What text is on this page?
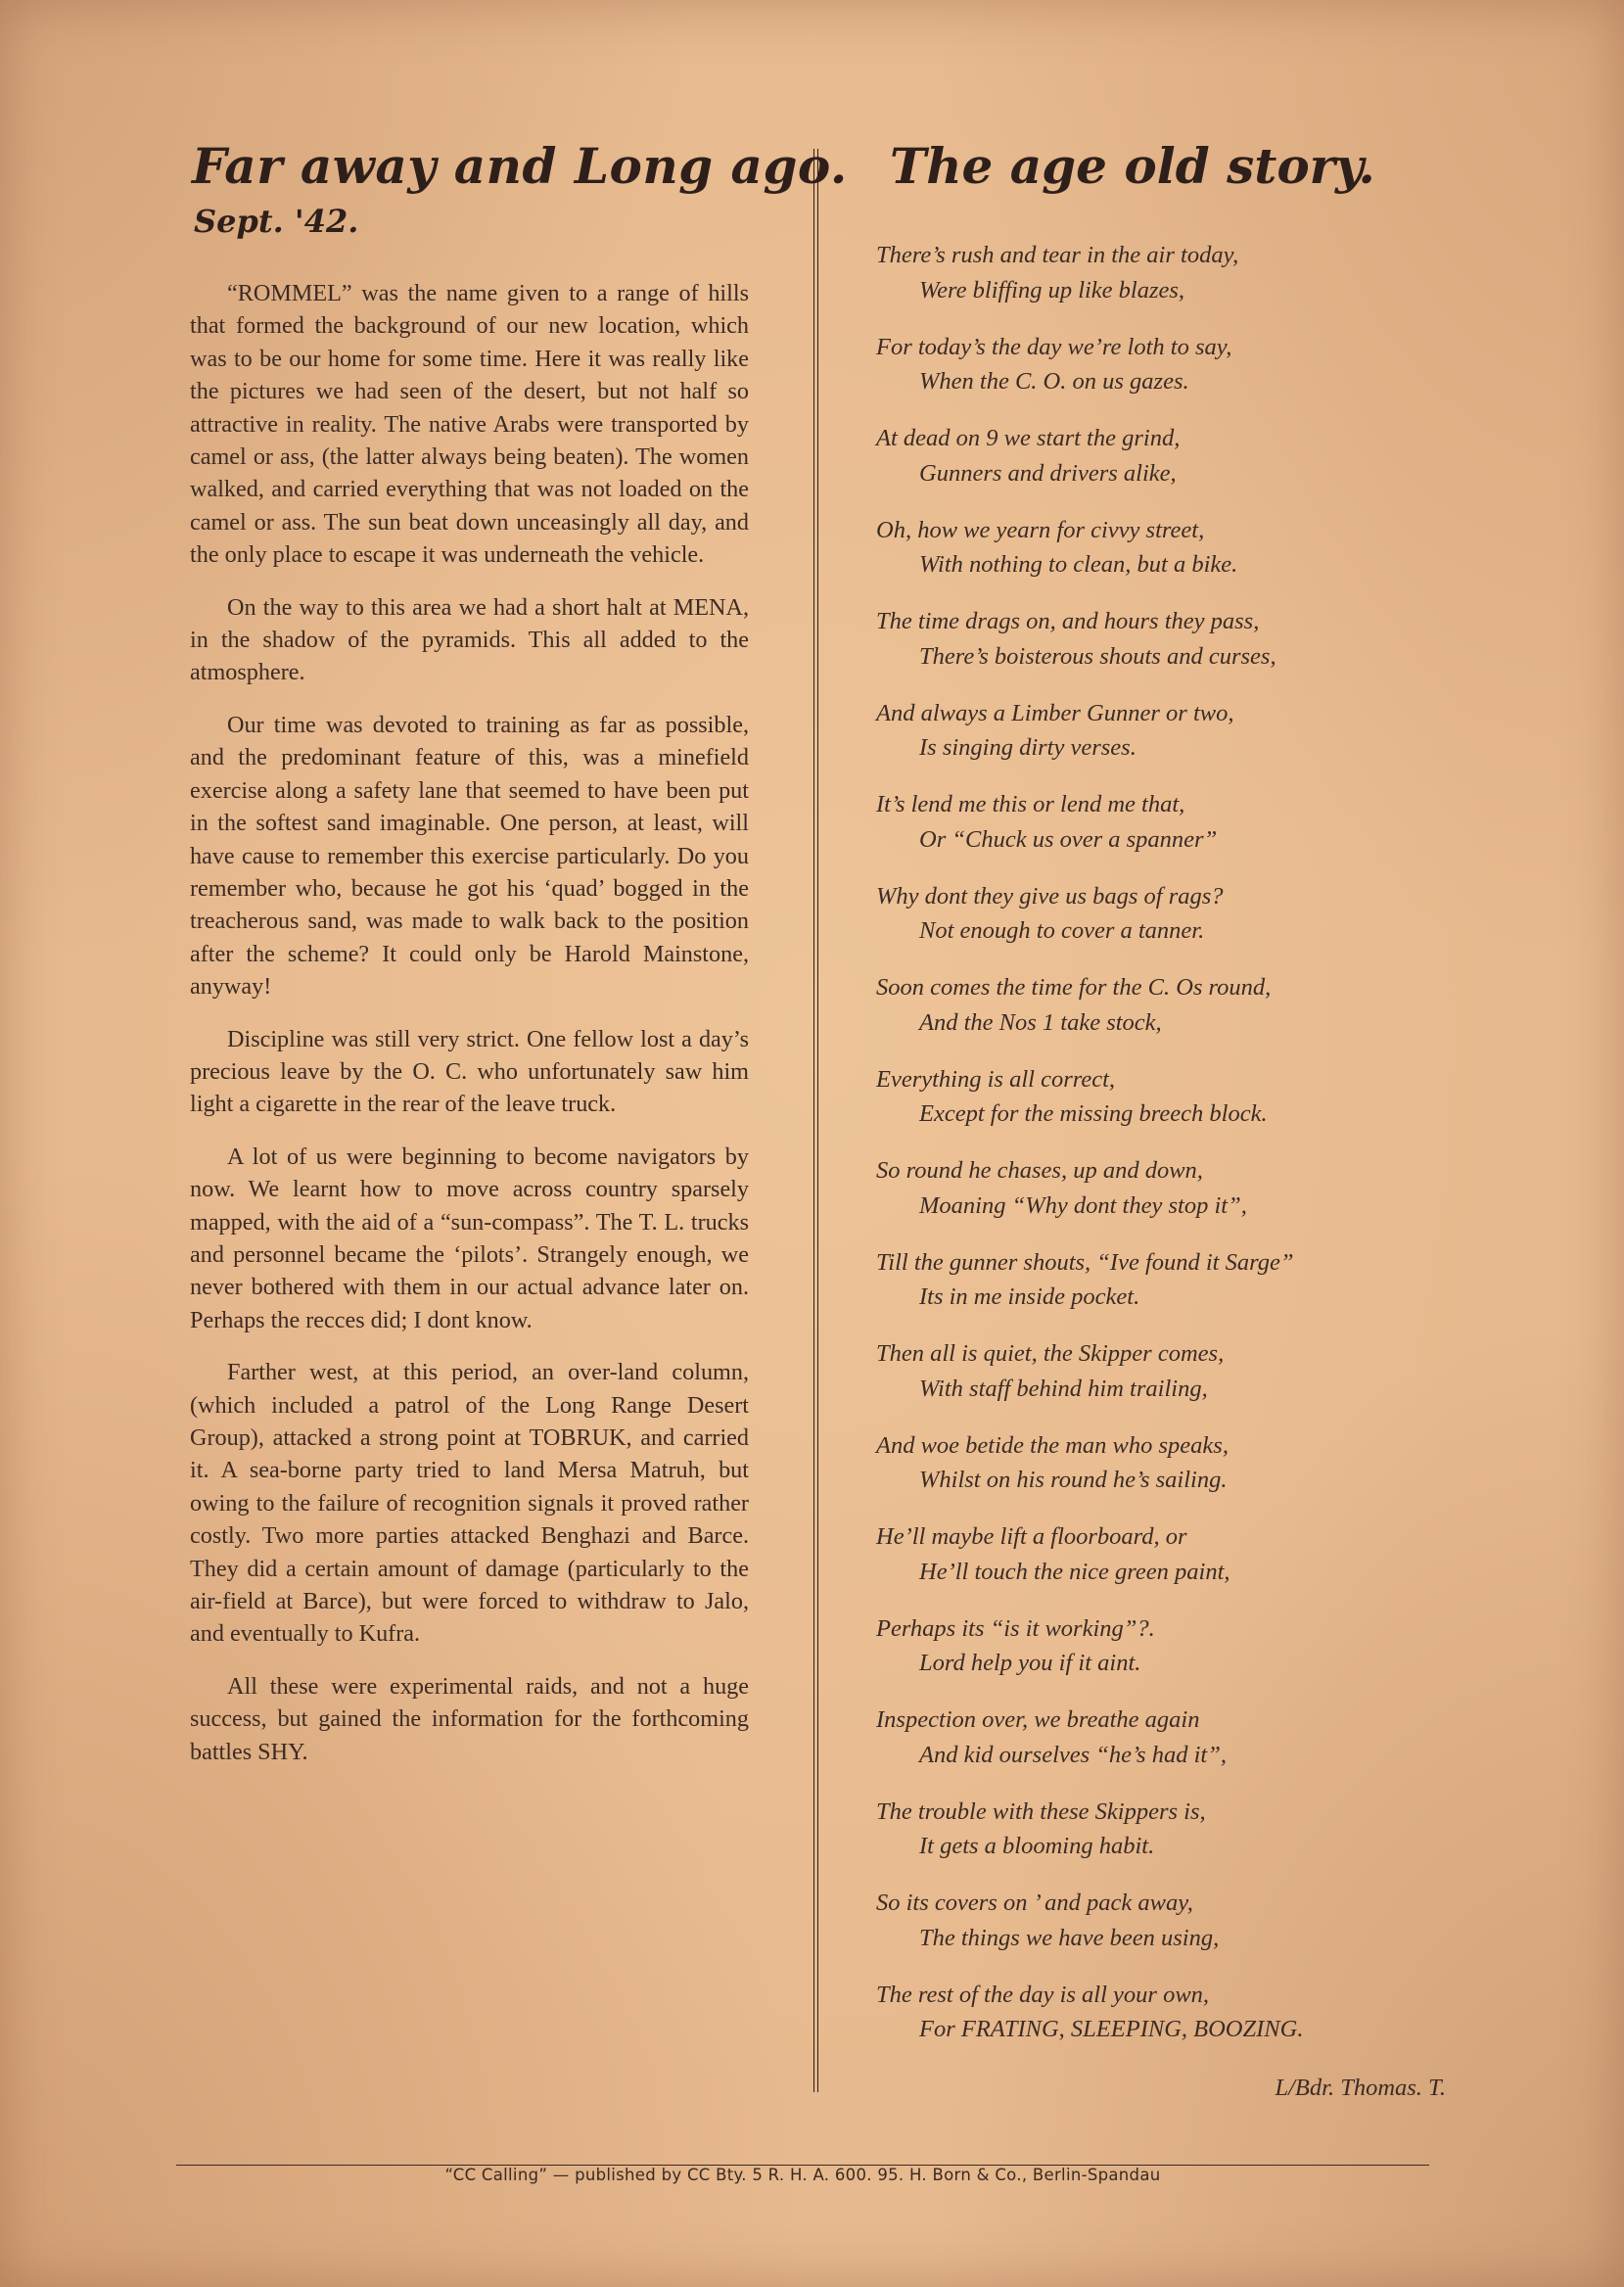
Far away and Long ago.
Sept. '42.

“ROMMEL” was the name given to a range of hills that formed the background of our new location, which was to be our home for some time. Here it was really like the pictures we had seen of the desert, but not half so attractive in reality. The native Arabs were transported by camel or ass, (the latter always being beaten). The women walked, and carried everything that was not loaded on the camel or ass. The sun beat down unceasingly all day, and the only place to escape it was underneath the vehicle.

On the way to this area we had a short halt at MENA, in the shadow of the pyramids. This all added to the atmosphere.

Our time was devoted to training as far as possible, and the predominant feature of this, was a minefield exercise along a safety lane that seemed to have been put in the softest sand imaginable. One person, at least, will have cause to remember this exercise particularly. Do you remember who, because he got his ‘quad’ bogged in the treacherous sand, was made to walk back to the position after the scheme? It could only be Harold Mainstone, anyway!

Discipline was still very strict. One fellow lost a day’s precious leave by the O. C. who unfortunately saw him light a cigarette in the rear of the leave truck.

A lot of us were beginning to become navigators by now. We learnt how to move across country sparsely mapped, with the aid of a “sun-compass”. The T. L. trucks and personnel became the ‘pilots’. Strangely enough, we never bothered with them in our actual advance later on. Perhaps the recces did; I dont know.

Farther west, at this period, an over-land column, (which included a patrol of the Long Range Desert Group), attacked a strong point at TOBRUK, and carried it. A sea-borne party tried to land Mersa Matruh, but owing to the failure of recognition signals it proved rather costly. Two more parties attacked Benghazi and Barce. They did a certain amount of damage (particularly to the air-field at Barce), but were forced to withdraw to Jalo, and eventually to Kufra.

All these were experimental raids, and not a huge success, but gained the information for the forthcoming battles SHY.

The age old story.
There’s rush and tear in the air today,
Were bliffing up like blazes,
For today’s the day we’re loth to say,
When the C. O. on us gazes.
At dead on 9 we start the grind,
Gunners and drivers alike,
Oh, how we yearn for civvy street,
With nothing to clean, but a bike.
The time drags on, and hours they pass,
There’s boisterous shouts and curses,
And always a Limber Gunner or two,
Is singing dirty verses.
It’s lend me this or lend me that,
Or “Chuck us over a spanner”
Why dont they give us bags of rags?
Not enough to cover a tanner.
Soon comes the time for the C. Os round,
And the Nos 1 take stock,
Everything is all correct,
Except for the missing breech block.
So round he chases, up and down,
Moaning “Why dont they stop it”,
Till the gunner shouts, “Ive found it Sarge”
Its in me inside pocket.
Then all is quiet, the Skipper comes,
With staff behind him trailing,
And woe betide the man who speaks,
Whilst on his round he’s sailing.
He’ll maybe lift a floorboard, or
He’ll touch the nice green paint,
Perhaps its “is it working”?.
Lord help you if it aint.
Inspection over, we breathe again
And kid ourselves “he’s had it”,
The trouble with these Skippers is,
It gets a blooming habit.
So its covers on ’ and pack away,
The things we have been using,
The rest of the day is all your own,
For FRATING, SLEEPING, BOOZING.
L/Bdr. Thomas. T.
“CC Calling” — published by CC Bty. 5 R. H. A. 600. 95. H. Born & Co., Berlin-Spandau
